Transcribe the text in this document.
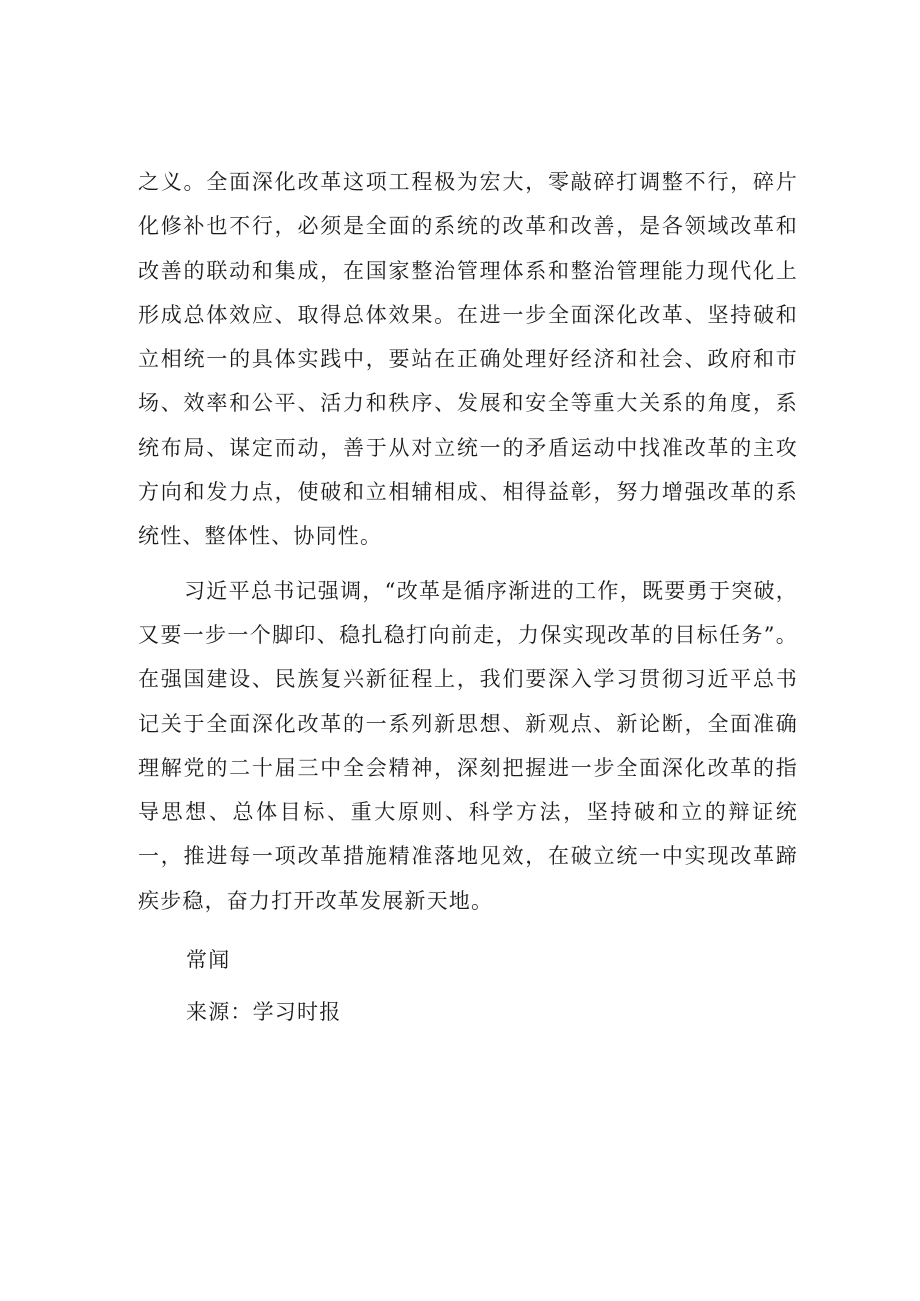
之义。全面深化改革这项工程极为宏大，零敲碎打调整不行，碎片化修补也不行，必须是全面的系统的改革和改善，是各领域改革和改善的联动和集成，在国家整治管理体系和整治管理能力现代化上形成总体效应、取得总体效果。在进一步全面深化改革、坚持破和立相统一的具体实践中，要站在正确处理好经济和社会、政府和市场、效率和公平、活力和秩序、发展和安全等重大关系的角度，系统布局、谋定而动，善于从对立统一的矛盾运动中找准改革的主攻方向和发力点，使破和立相辅相成、相得益彰，努力增强改革的系统性、整体性、协同性。

习近平总书记强调，“改革是循序渐进的工作，既要勇于突破，又要一步一个脚印、稳扎稳打向前走，力保实现改革的目标任务”。在强国建设、民族复兴新征程上，我们要深入学习贯彻习近平总书记关于全面深化改革的一系列新思想、新观点、新论断，全面准确理解党的二十届三中全会精神，深刻把握进一步全面深化改革的指导思想、总体目标、重大原则、科学方法，坚持破和立的辩证统一，推进每一项改革措施精准落地见效，在破立统一中实现改革蹄疾步稳，奋力打开改革发展新天地。

常闻

来源：学习时报
